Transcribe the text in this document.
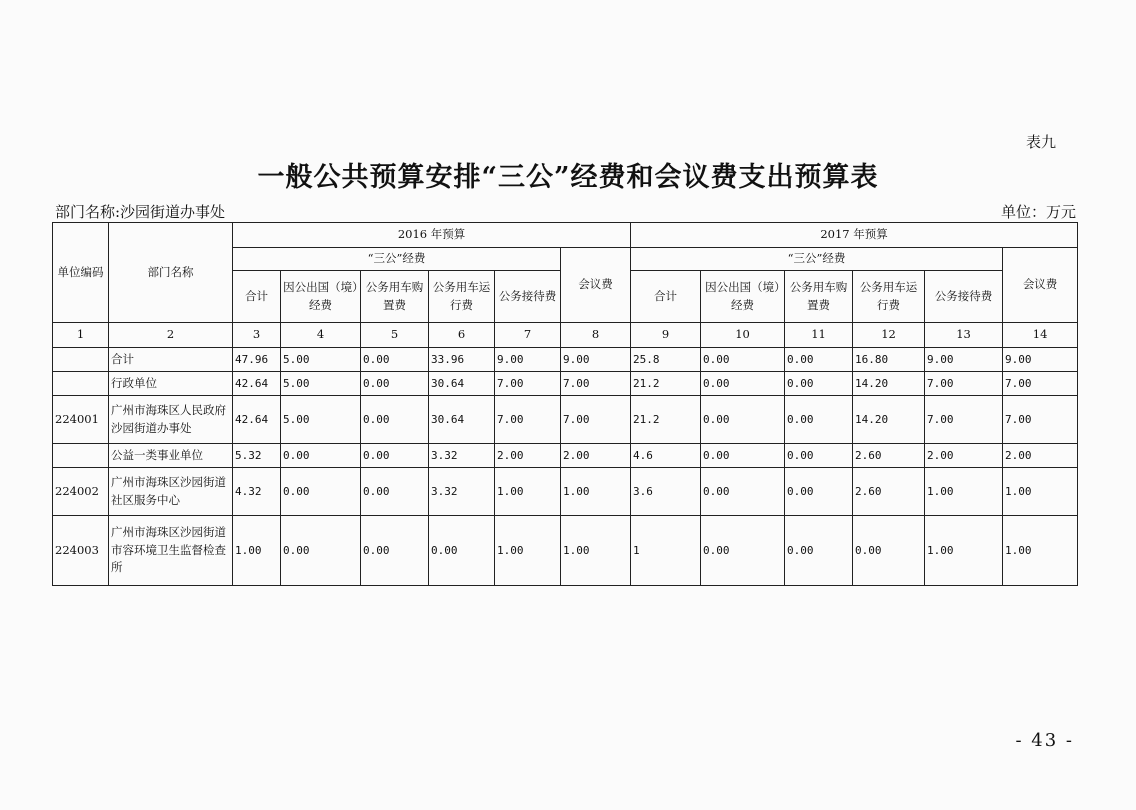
表九
一般公共预算安排“三公”经费和会议费支出预算表
部门名称:沙园街道办事处	单位：万元
单位编码	部门名称	2016 年预算						2017 年预算					
		“三公”经费					会议费	“三公”经费					会议费
		合计	因公出国（境）经费	公务用车购置费	公务用车运行费	公务接待费		合计	因公出国（境）经费	公务用车购置费	公务用车运行费	公务接待费	
1	2	3	4	5	6	7	8	9	10	11	12	13	14
	合计	47.96	5.00	0.00	33.96	9.00	9.00	25.8	0.00	0.00	16.80	9.00	9.00
	行政单位	42.64	5.00	0.00	30.64	7.00	7.00	21.2	0.00	0.00	14.20	7.00	7.00
224001	广州市海珠区人民政府沙园街道办事处	42.64	5.00	0.00	30.64	7.00	7.00	21.2	0.00	0.00	14.20	7.00	7.00
	公益一类事业单位	5.32	0.00	0.00	3.32	2.00	2.00	4.6	0.00	0.00	2.60	2.00	2.00
224002	广州市海珠区沙园街道社区服务中心	4.32	0.00	0.00	3.32	1.00	1.00	3.6	0.00	0.00	2.60	1.00	1.00
224003	广州市海珠区沙园街道市容环境卫生监督检查所	1.00	0.00	0.00	0.00	1.00	1.00	1	0.00	0.00	0.00	1.00	1.00
- 43 -
